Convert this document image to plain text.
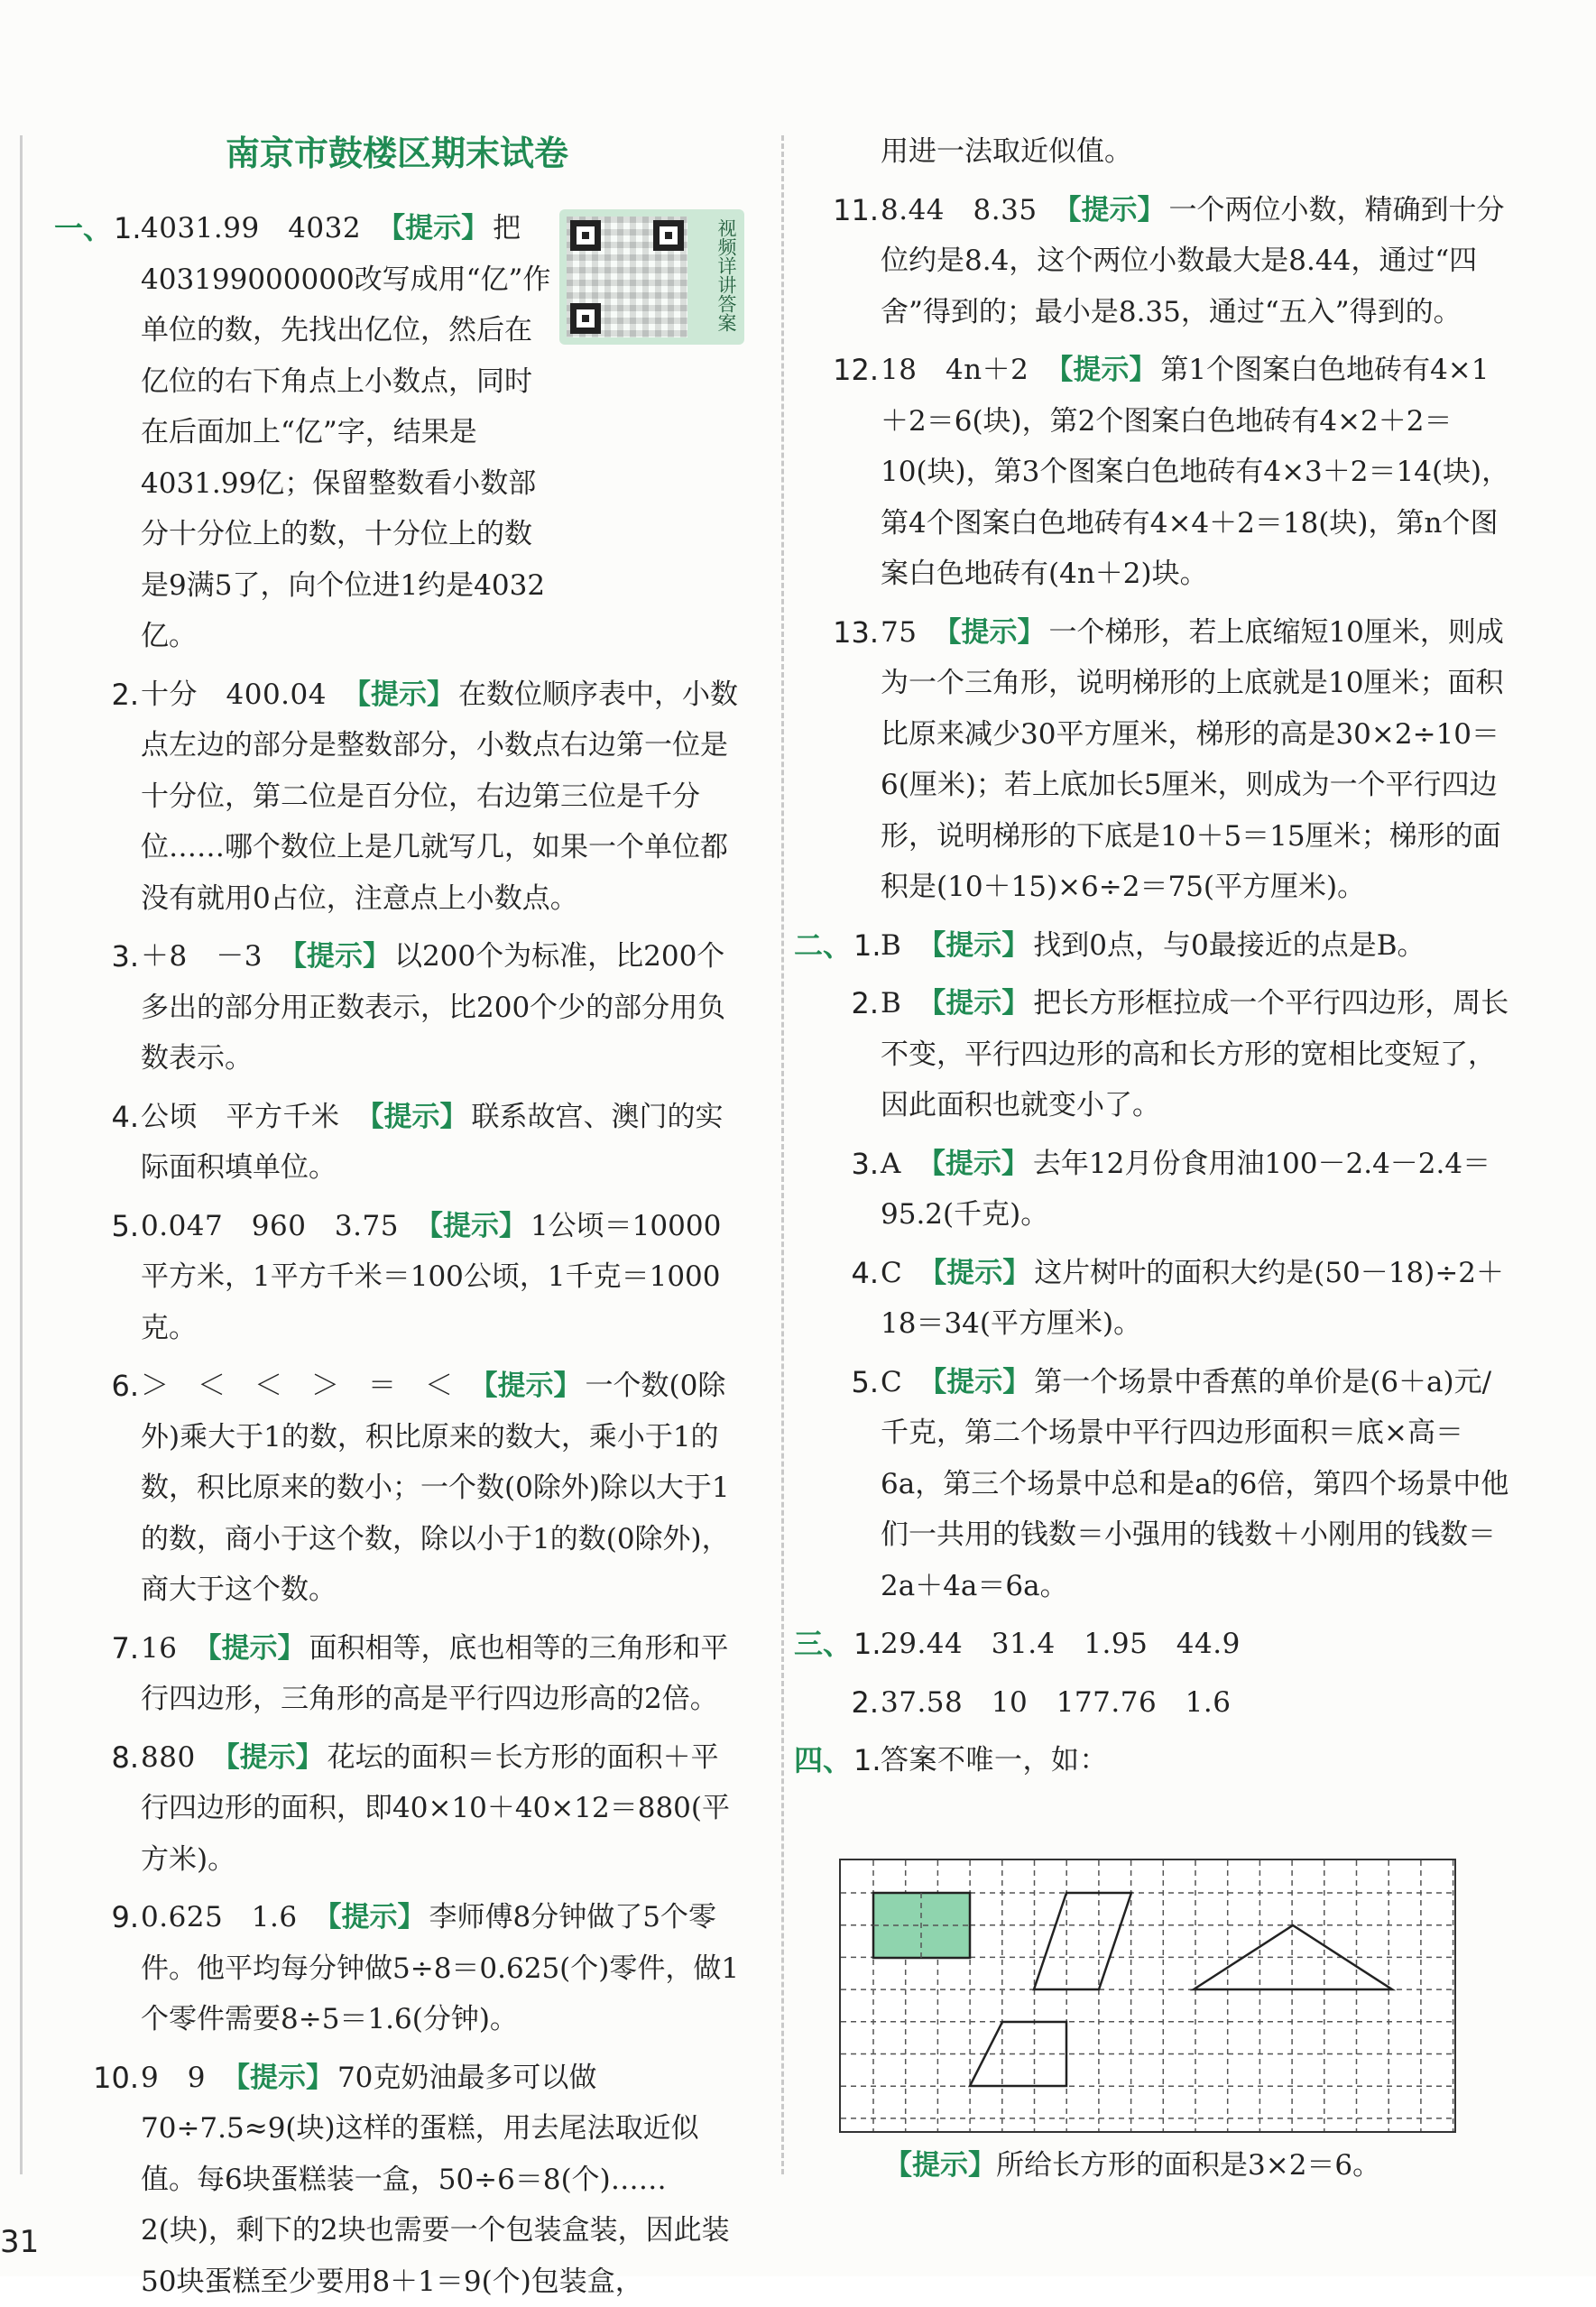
南京市鼓楼区期末试卷
视频详讲答案
一、1. 4031.99　4032 【提示】 把403199000000改写成用“亿”作单位的数，先找出亿位，然后在亿位的右下角点上小数点，同时在后面加上“亿”字，结果是4031.99亿；保留整数看小数部分十分位上的数，十分位上的数是9满5了，向个位进1约是4032亿。
2. 十分　400.04 【提示】 在数位顺序表中，小数点左边的部分是整数部分，小数点右边第一位是十分位，第二位是百分位，右边第三位是千分位……哪个数位上是几就写几，如果一个单位都没有就用0占位，注意点上小数点。
3. ＋8　－3 【提示】 以200个为标准，比200个多出的部分用正数表示，比200个少的部分用负数表示。
4. 公顷　平方千米 【提示】 联系故宫、澳门的实际面积填单位。
5. 0.047　960　3.75 【提示】 1公顷＝10000平方米，1平方千米＝100公顷，1千克＝1000克。
6. ＞　＜　＜　＞　＝　＜ 【提示】 一个数(0除外)乘大于1的数，积比原来的数大，乘小于1的数，积比原来的数小；一个数(0除外)除以大于1的数，商小于这个数，除以小于1的数(0除外)，商大于这个数。
7. 16 【提示】 面积相等，底也相等的三角形和平行四边形，三角形的高是平行四边形高的2倍。
8. 880 【提示】 花坛的面积＝长方形的面积＋平行四边形的面积，即40×10＋40×12＝880(平方米)。
9. 0.625　1.6 【提示】 李师傅8分钟做了5个零件。他平均每分钟做5÷8＝0.625(个)零件，做1个零件需要8÷5＝1.6(分钟)。
10. 9　9 【提示】 70克奶油最多可以做70÷7.5≈9(块)这样的蛋糕，用去尾法取近似值。每6块蛋糕装一盒，50÷6＝8(个)……2(块)，剩下的2块也需要一个包装盒装，因此装50块蛋糕至少要用8＋1＝9(个)包装盒，
用进一法取近似值。
11. 8.44　8.35 【提示】 一个两位小数，精确到十分位约是8.4，这个两位小数最大是8.44，通过“四舍”得到的；最小是8.35，通过“五入”得到的。
12. 18　4n＋2 【提示】 第1个图案白色地砖有4×1＋2＝6(块)，第2个图案白色地砖有4×2＋2＝10(块)，第3个图案白色地砖有4×3＋2＝14(块)，第4个图案白色地砖有4×4＋2＝18(块)，第n个图案白色地砖有(4n＋2)块。
13. 75 【提示】 一个梯形，若上底缩短10厘米，则成为一个三角形，说明梯形的上底就是10厘米；面积比原来减少30平方厘米，梯形的高是30×2÷10＝6(厘米)；若上底加长5厘米，则成为一个平行四边形，说明梯形的下底是10＋5＝15厘米；梯形的面积是(10＋15)×6÷2＝75(平方厘米)。
二、1. B 【提示】 找到0点，与0最接近的点是B。
2. B 【提示】 把长方形框拉成一个平行四边形，周长不变，平行四边形的高和长方形的宽相比变短了，因此面积也就变小了。
3. A 【提示】 去年12月份食用油100－2.4－2.4＝95.2(千克)。
4. C 【提示】 这片树叶的面积大约是(50－18)÷2＋18＝34(平方厘米)。
5. C 【提示】 第一个场景中香蕉的单价是(6＋a)元/千克，第二个场景中平行四边形面积＝底×高＝6a，第三个场景中总和是a的6倍，第四个场景中他们一共用的钱数＝小强用的钱数＋小刚用的钱数＝2a＋4a＝6a。
三、1. 29.44　31.4　1.95　44.9
2. 37.58　10　177.76　1.6
四、1. 答案不唯一，如：
【提示】所给长方形的面积是3×2＝6。
31
